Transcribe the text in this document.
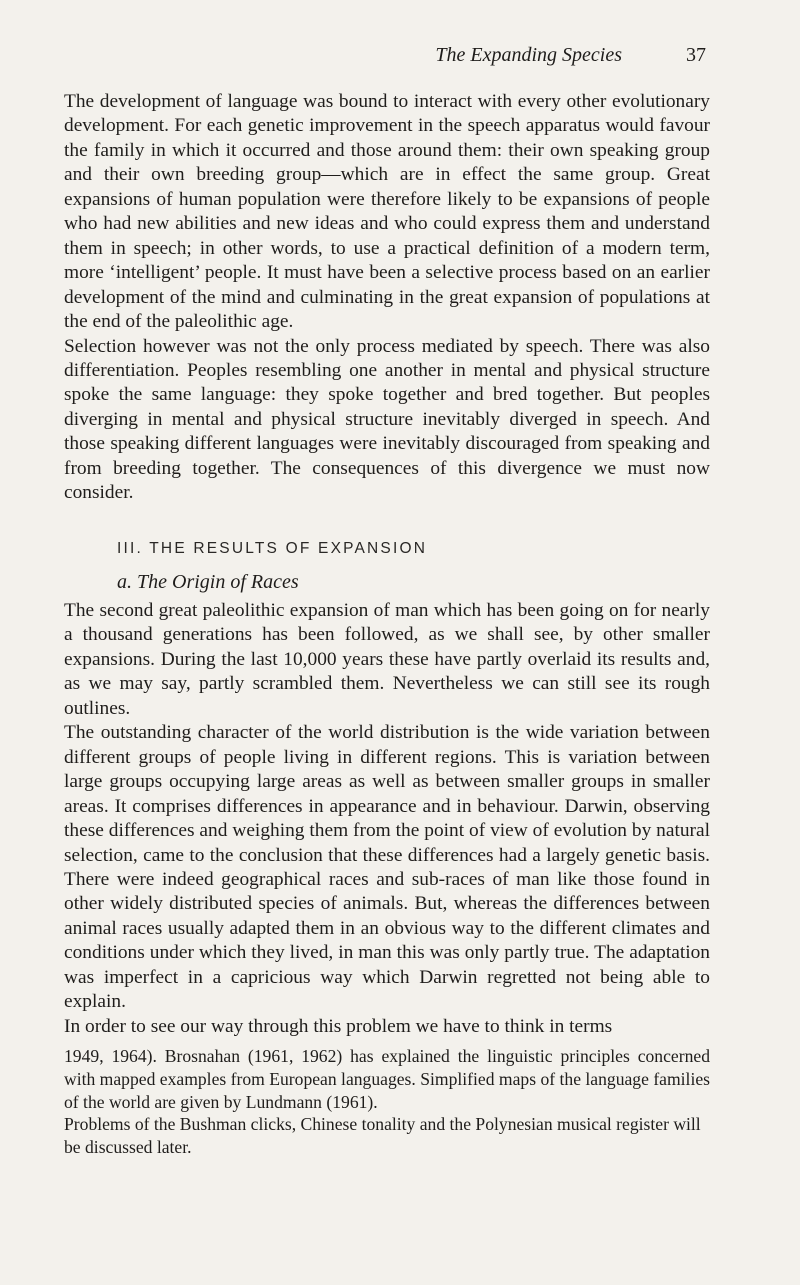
The Expanding Species	37

The development of language was bound to interact with every other evolutionary development. For each genetic improvement in the speech apparatus would favour the family in which it occurred and those around them: their own speaking group and their own breeding group—which are in effect the same group. Great expansions of human population were therefore likely to be expansions of people who had new abilities and new ideas and who could express them and understand them in speech; in other words, to use a practical definition of a modern term, more ‘intelligent’ people. It must have been a selective process based on an earlier development of the mind and culminating in the great expansion of populations at the end of the paleolithic age.

Selection however was not the only process mediated by speech. There was also differentiation. Peoples resembling one another in mental and physical structure spoke the same language: they spoke together and bred together. But peoples diverging in mental and physical structure inevitably diverged in speech. And those speaking different languages were inevitably discouraged from speaking and from breeding together. The consequences of this divergence we must now consider.

III. THE RESULTS OF EXPANSION
a. The Origin of Races

The second great paleolithic expansion of man which has been going on for nearly a thousand generations has been followed, as we shall see, by other smaller expansions. During the last 10,000 years these have partly overlaid its results and, as we may say, partly scrambled them. Nevertheless we can still see its rough outlines.

The outstanding character of the world distribution is the wide variation between different groups of people living in different regions. This is variation between large groups occupying large areas as well as between smaller groups in smaller areas. It comprises differences in appearance and in behaviour. Darwin, observing these differences and weighing them from the point of view of evolution by natural selection, came to the conclusion that these differences had a largely genetic basis. There were indeed geographical races and sub-races of man like those found in other widely distributed species of animals. But, whereas the differences between animal races usually adapted them in an obvious way to the different climates and conditions under which they lived, in man this was only partly true. The adaptation was imperfect in a capricious way which Darwin regretted not being able to explain.

In order to see our way through this problem we have to think in terms

1949, 1964). Brosnahan (1961, 1962) has explained the linguistic principles concerned with mapped examples from European languages. Simplified maps of the language families of the world are given by Lundmann (1961).

Problems of the Bushman clicks, Chinese tonality and the Polynesian musical register will be discussed later.
